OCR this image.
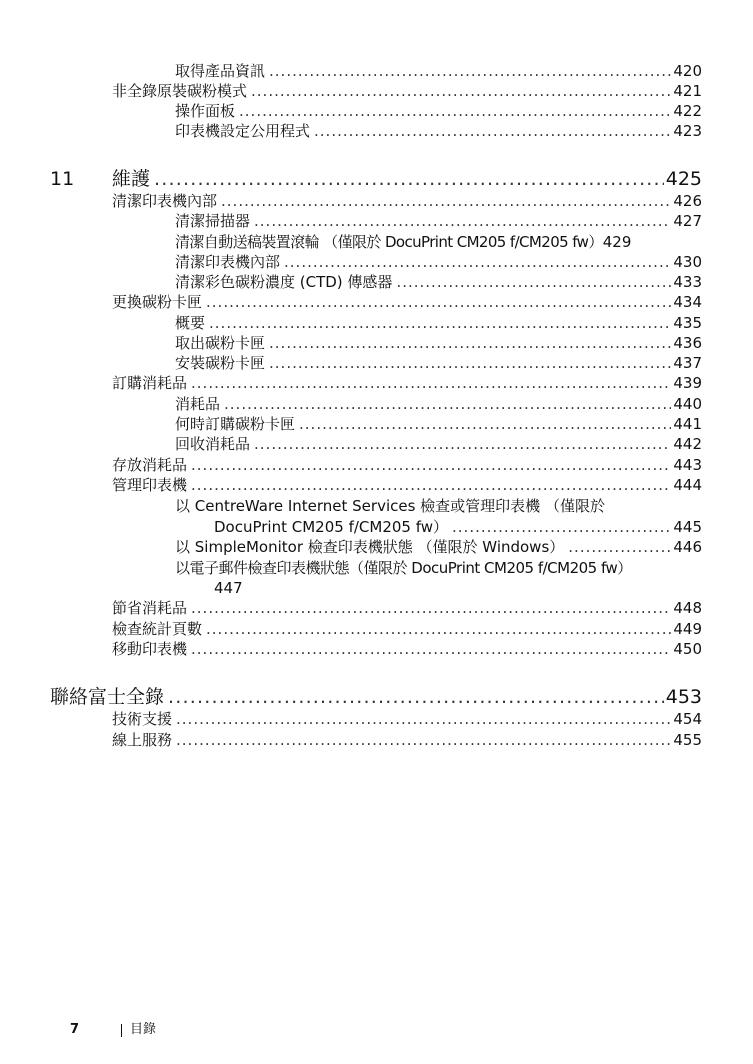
取得產品資訊 .....	420
非全錄原裝碳粉模式 .....	421
操作面板 .....	422
印表機設定公用程式 .....	423
11 維護 .....	425
清潔印表機內部 .....	426
清潔掃描器 .....	427
清潔自動送稿裝置滾輪 （僅限於 DocuPrint CM205 f/CM205 fw） 429
清潔印表機內部 .....	430
清潔彩色碳粉濃度 (CTD) 傳感器 .....	433
更換碳粉卡匣 .....	434
概要 .....	435
取出碳粉卡匣 .....	436
安裝碳粉卡匣 .....	437
訂購消耗品 .....	439
消耗品 .....	440
何時訂購碳粉卡匣 .....	441
回收消耗品 .....	442
存放消耗品 .....	443
管理印表機 .....	444
以 CentreWare Internet Services 檢查或管理印表機 （僅限於
DocuPrint CM205 f/CM205 fw） .....	445
以 SimpleMonitor 檢查印表機狀態 （僅限於 Windows） .....	446
以電子郵件檢查印表機狀態（僅限於 DocuPrint CM205 f/CM205 fw）
447
節省消耗品 .....	448
檢查統計頁數 .....	449
移動印表機 .....	450
聯絡富士全錄 .....	453
技術支援 .....	454
線上服務 .....	455
7	目錄
